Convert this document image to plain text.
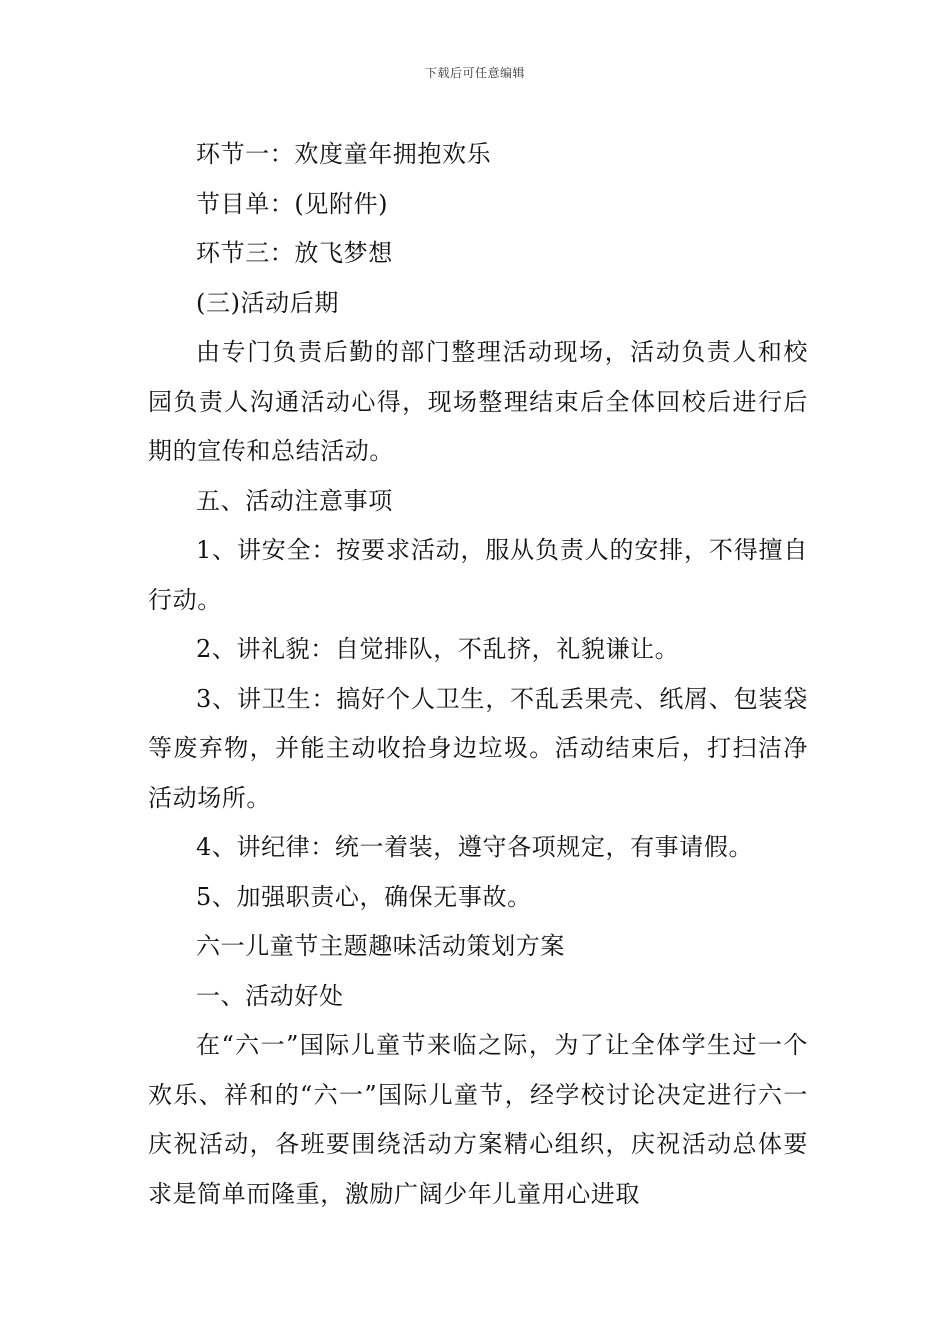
下载后可任意编辑

环节一：欢度童年拥抱欢乐

节目单：(见附件)

环节三：放飞梦想

(三)活动后期

由专门负责后勤的部门整理活动现场，活动负责人和校园负责人沟通活动心得，现场整理结束后全体回校后进行后期的宣传和总结活动。

五、活动注意事项

1、讲安全：按要求活动，服从负责人的安排，不得擅自行动。

2、讲礼貌：自觉排队，不乱挤，礼貌谦让。

3、讲卫生：搞好个人卫生，不乱丢果壳、纸屑、包装袋等废弃物，并能主动收拾身边垃圾。活动结束后，打扫洁净活动场所。

4、讲纪律：统一着装，遵守各项规定，有事请假。

5、加强职责心，确保无事故。

六一儿童节主题趣味活动策划方案

一、活动好处

在“六一”国际儿童节来临之际，为了让全体学生过一个欢乐、祥和的“六一”国际儿童节，经学校讨论决定进行六一庆祝活动，各班要围绕活动方案精心组织，庆祝活动总体要求是简单而隆重，激励广阔少年儿童用心进取
